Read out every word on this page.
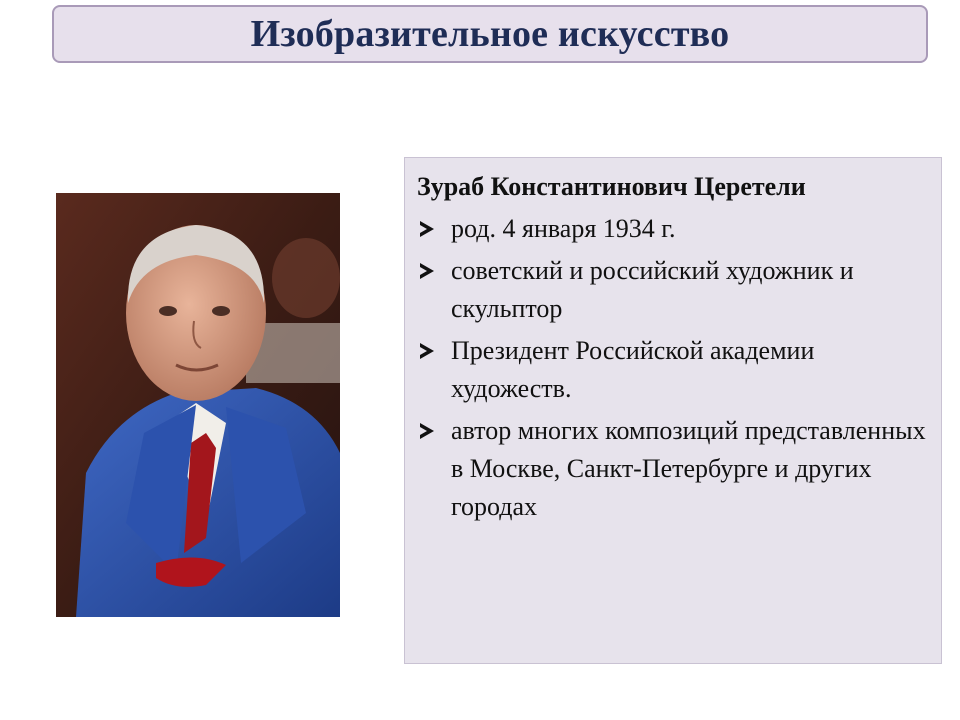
Изобразительное искусство
Зураб Константинович Церетели
род. 4 января 1934 г.
советский и российский художник и скульптор
Президент Российской академии художеств.
автор многих композиций представленных в Москве, Санкт-Петербурге и других городах
